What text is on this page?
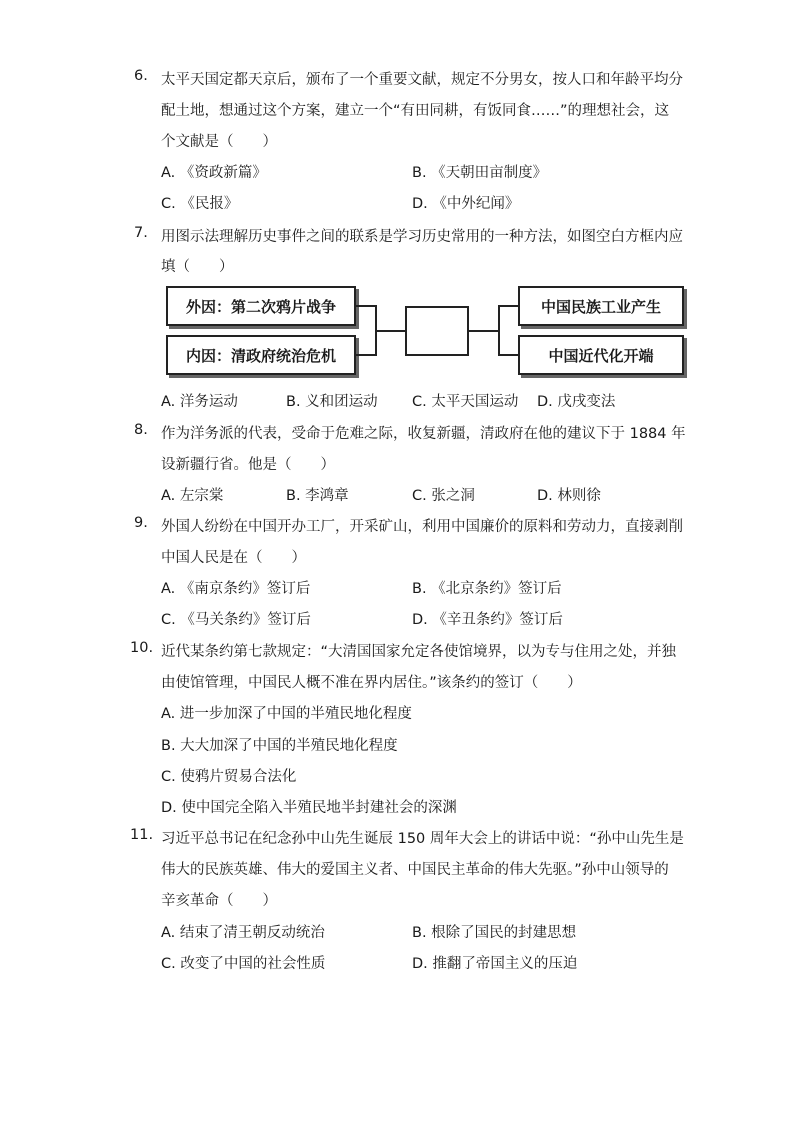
6. 太平天国定都天京后，颁布了一个重要文献，规定不分男女，按人口和年龄平均分
配土地，想通过这个方案，建立一个“有田同耕，有饭同食……”的理想社会，这
个文献是（　　）
A. 《资政新篇》	B. 《天朝田亩制度》
C. 《民报》	D. 《中外纪闻》
7. 用图示法理解历史事件之间的联系是学习历史常用的一种方法，如图空白方框内应
填（　　）
外因：第二次鸦片战争
内因：清政府统治危机
中国民族工业产生
中国近代化开端
A. 洋务运动	B. 义和团运动 C. 太平天国运动 D. 戊戌变法
8. 作为洋务派的代表，受命于危难之际，收复新疆，清政府在他的建议下于 1884 年
设新疆行省。他是（　　）
A. 左宗棠	B. 李鸿章	C. 张之洞	D. 林则徐
9. 外国人纷纷在中国开办工厂，开采矿山，利用中国廉价的原料和劳动力，直接剥削
中国人民是在（　　）
A. 《南京条约》签订后	B. 《北京条约》签订后
C. 《马关条约》签订后	D. 《辛丑条约》签订后
10. 近代某条约第七款规定：“大清国国家允定各使馆境界，以为专与住用之处，并独
由使馆管理，中国民人概不准在界内居住。”该条约的签订（　　）
A. 进一步加深了中国的半殖民地化程度
B. 大大加深了中国的半殖民地化程度
C. 使鸦片贸易合法化
D. 使中国完全陷入半殖民地半封建社会的深渊
11. 习近平总书记在纪念孙中山先生诞辰 150 周年大会上的讲话中说：“孙中山先生是
伟大的民族英雄、伟大的爱国主义者、中国民主革命的伟大先驱。”孙中山领导的
辛亥革命（　　）
A. 结束了清王朝反动统治	B. 根除了国民的封建思想
C. 改变了中国的社会性质	D. 推翻了帝国主义的压迫
